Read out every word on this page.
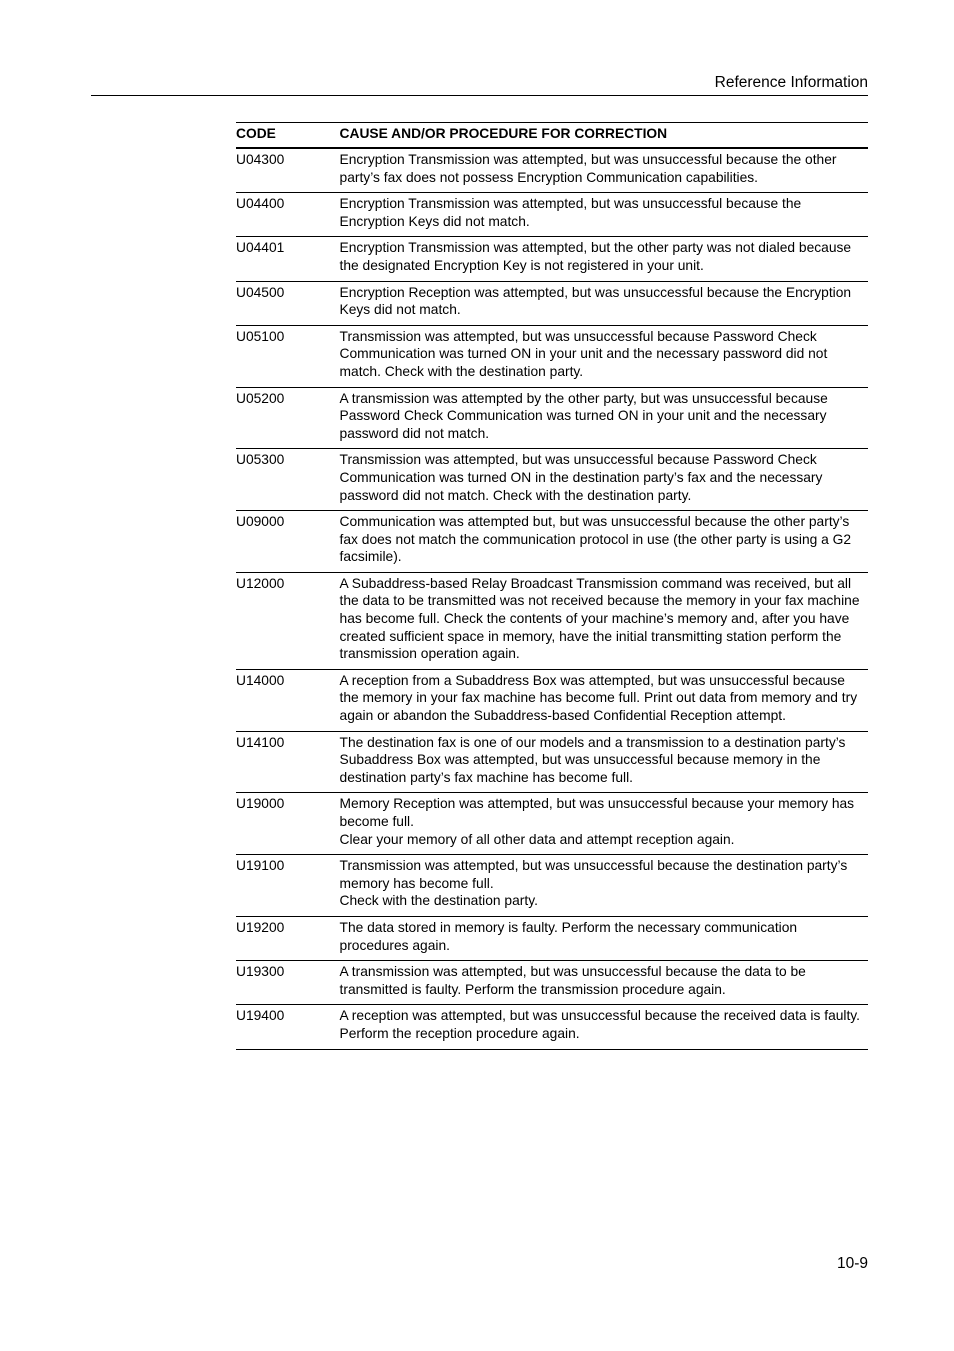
Reference Information
CODE	CAUSE AND/OR PROCEDURE FOR CORRECTION
U04300	Encryption Transmission was attempted, but was unsuccessful because the other party’s fax does not possess Encryption Communication capabilities.

U04400	Encryption Transmission was attempted, but was unsuccessful because the Encryption Keys did not match.

U04401	Encryption Transmission was attempted, but the other party was not dialed because the designated Encryption Key is not registered in your unit.

U04500	Encryption Reception was attempted, but was unsuccessful because the Encryption Keys did not match.

U05100	Transmission was attempted, but was unsuccessful because Password Check Communication was turned ON in your unit and the necessary password did not match. Check with the destination party.

U05200	A transmission was attempted by the other party, but was unsuccessful because Password Check Communication was turned ON in your unit and the necessary password did not match.

U05300	Transmission was attempted, but was unsuccessful because Password Check Communication was turned ON in the destination party’s fax and the necessary password did not match. Check with the destination party.

U09000	Communication was attempted but, but was unsuccessful because the other party’s fax does not match the communication protocol in use (the other party is using a G2 facsimile).

U12000	A Subaddress-based Relay Broadcast Transmission command was received, but all the data to be transmitted was not received because the memory in your fax machine has become full. Check the contents of your machine’s memory and, after you have created sufficient space in memory, have the initial transmitting station perform the transmission operation again.

U14000	A reception from a Subaddress Box was attempted, but was unsuccessful because the memory in your fax machine has become full. Print out data from memory and try again or abandon the Subaddress-based Confidential Reception attempt.

U14100	The destination fax is one of our models and a transmission to a destination party’s Subaddress Box was attempted, but was unsuccessful because memory in the destination party’s fax machine has become full.

U19000	Memory Reception was attempted, but was unsuccessful because your memory has become full.
Clear your memory of all other data and attempt reception again.

U19100	Transmission was attempted, but was unsuccessful because the destination party’s memory has become full.
Check with the destination party.

U19200	The data stored in memory is faulty. Perform the necessary communication procedures again.

U19300	A transmission was attempted, but was unsuccessful because the data to be transmitted is faulty. Perform the transmission procedure again.

U19400	A reception was attempted, but was unsuccessful because the received data is faulty. Perform the reception procedure again.
10-9
